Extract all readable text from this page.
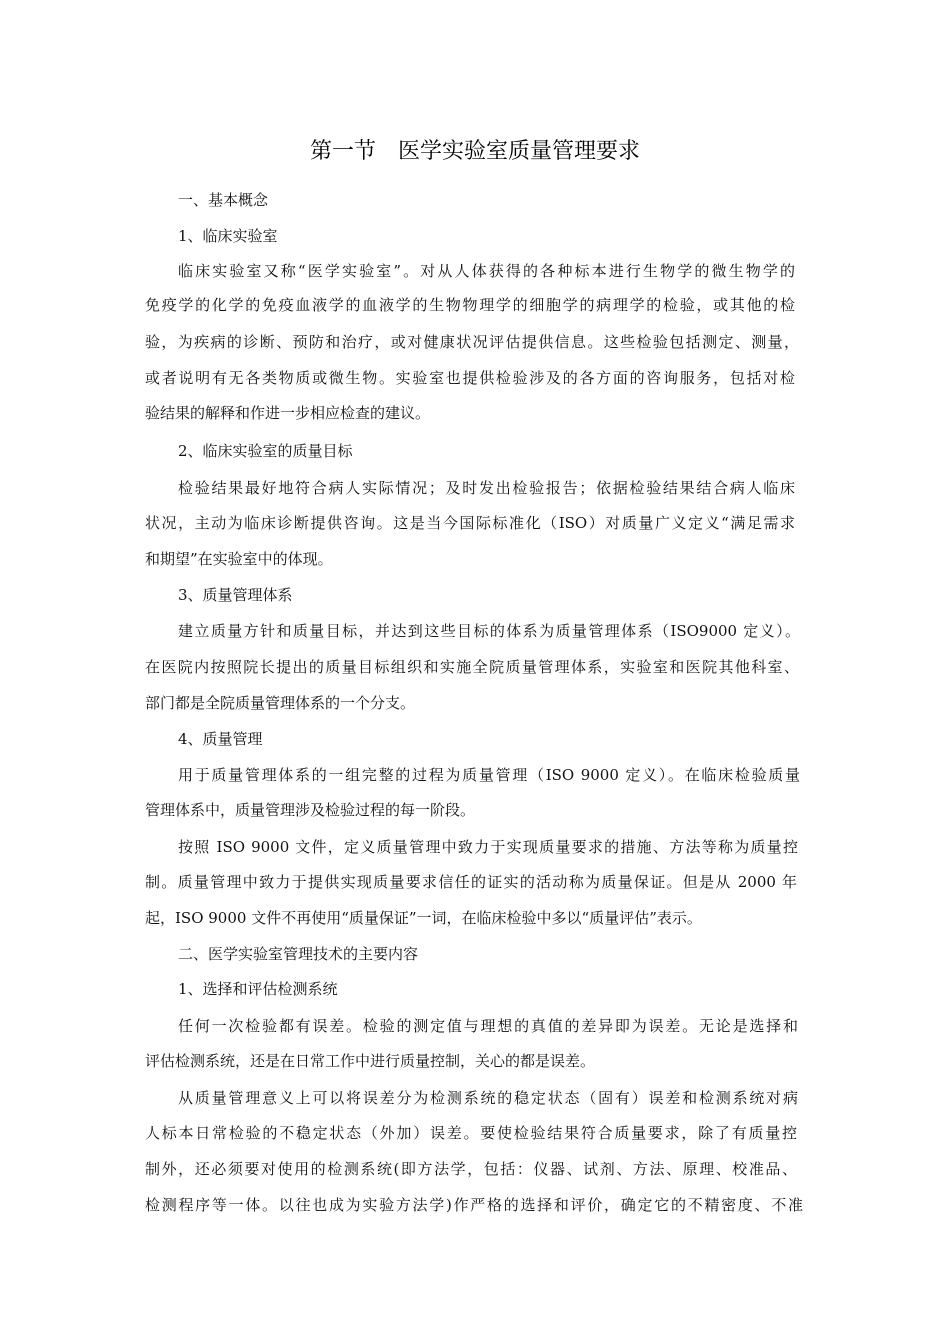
第一节　医学实验室质量管理要求
一、基本概念
1、临床实验室
临床实验室又称“医学实验室”。对从人体获得的各种标本进行生物学的微生物学的
免疫学的化学的免疫血液学的血液学的生物物理学的细胞学的病理学的检验，或其他的检
验，为疾病的诊断、预防和治疗，或对健康状况评估提供信息。这些检验包括测定、测量，
或者说明有无各类物质或微生物。实验室也提供检验涉及的各方面的咨询服务，包括对检
验结果的解释和作进一步相应检查的建议。
2、临床实验室的质量目标
检验结果最好地符合病人实际情况；及时发出检验报告；依据检验结果结合病人临床
状况，主动为临床诊断提供咨询。这是当今国际标准化（ISO）对质量广义定义“满足需求
和期望”在实验室中的体现。
3、质量管理体系
建立质量方针和质量目标，并达到这些目标的体系为质量管理体系（ISO9000 定义）。
在医院内按照院长提出的质量目标组织和实施全院质量管理体系，实验室和医院其他科室、
部门都是全院质量管理体系的一个分支。
4、质量管理
用于质量管理体系的一组完整的过程为质量管理（ISO 9000 定义）。在临床检验质量
管理体系中，质量管理涉及检验过程的每一阶段。
按照 ISO 9000 文件，定义质量管理中致力于实现质量要求的措施、方法等称为质量控
制。质量管理中致力于提供实现质量要求信任的证实的活动称为质量保证。但是从 2000 年
起，ISO 9000 文件不再使用“质量保证”一词，在临床检验中多以“质量评估”表示。
二、医学实验室管理技术的主要内容
1、选择和评估检测系统
任何一次检验都有误差。检验的测定值与理想的真值的差异即为误差。无论是选择和
评估检测系统，还是在日常工作中进行质量控制，关心的都是误差。
从质量管理意义上可以将误差分为检测系统的稳定状态（固有）误差和检测系统对病
人标本日常检验的不稳定状态（外加）误差。要使检验结果符合质量要求，除了有质量控
制外，还必须要对使用的检测系统(即方法学，包括：仪器、试剂、方法、原理、校准品、
检测程序等一体。以往也成为实验方法学)作严格的选择和评价，确定它的不精密度、不准
